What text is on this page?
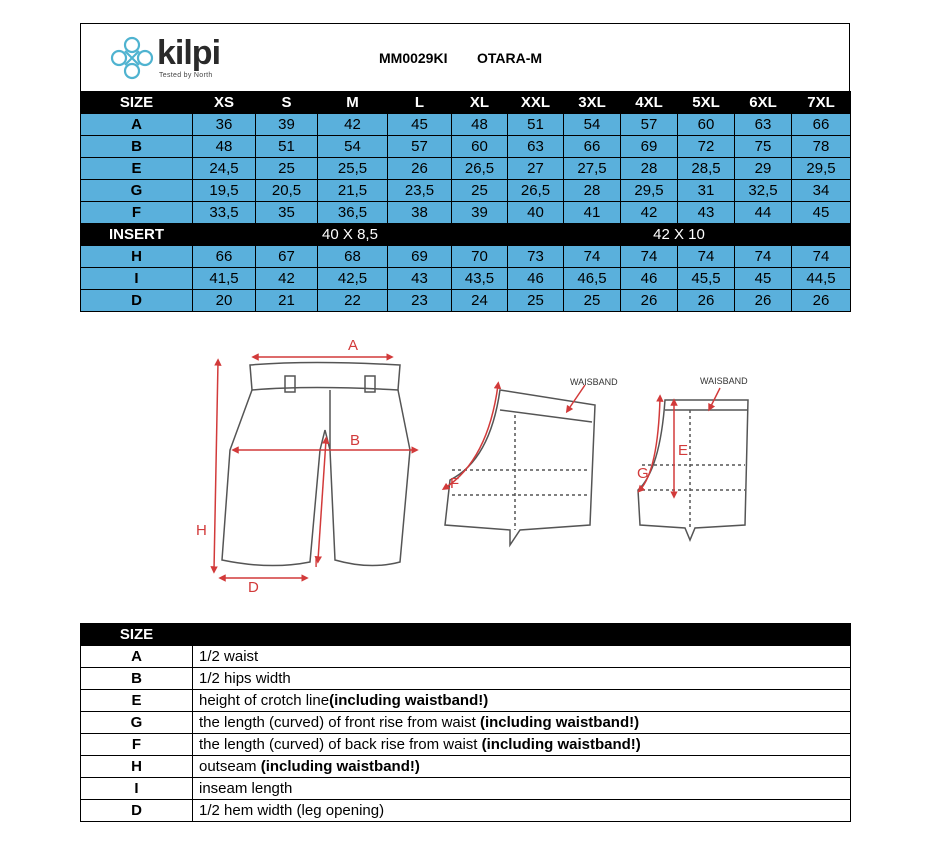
kilpi
Tested by North
MM0029KI OTARA-M
SIZE	XS	S	M	L	XL	XXL	3XL	4XL	5XL	6XL	7XL
A	36	39	42	45	48	51	54	57	60	63	66
B	48	51	54	57	60	63	66	69	72	75	78
E	24,5	25	25,5	26	26,5	27	27,5	28	28,5	29	29,5
G	19,5	20,5	21,5	23,5	25	26,5	28	29,5	31	32,5	34
F	33,5	35	36,5	38	39	40	41	42	43	44	45
INSERT	40 X 8,5					42 X 10					
H	66	67	68	69	70	73	74	74	74	74	74
I	41,5	42	42,5	43	43,5	46	46,5	46	45,5	45	44,5
D	20	21	22	23	24	25	25	26	26	26	26
A
B
H
I
D
F
WAISBAND
E
G
WAISBAND
SIZE	
A	1/2 waist
B	1/2 hips width
E	height of crotch line(including waistband!)
G	the length (curved) of front rise from waist (including waistband!)
F	the length (curved) of back rise from waist (including waistband!)
H	outseam (including waistband!)
I	inseam length
D	1/2 hem width (leg opening)
